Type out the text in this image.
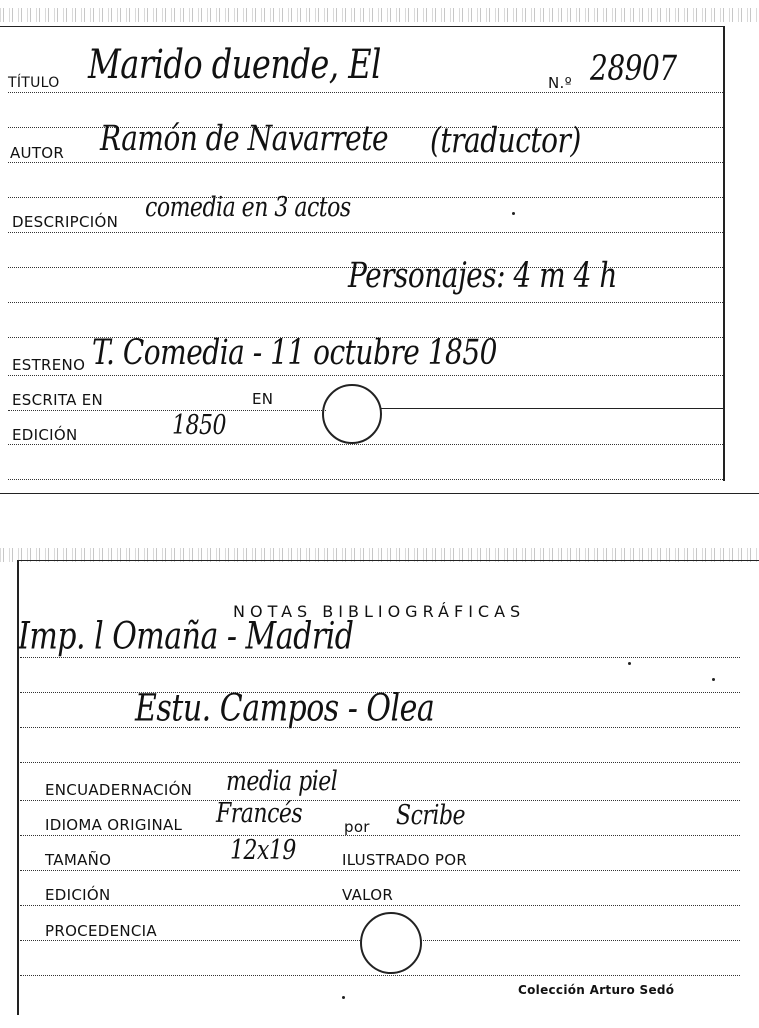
TÍTULO Marido duende, El	N.º 28907
AUTOR Ramón de Navarrete (traductor)
DESCRIPCIÓN comedia en 3 actos
Personajes: 4 m 4 h
ESTRENO T. Comedia - 11 octubre 1850
ESCRITA EN	EN
EDICIÓN	1850
NOTAS BIBLIOGRÁFICAS
Imp. l Omaña - Madrid
Estu. Campos - Olea
ENCUADERNACIÓN media piel
IDIOMA ORIGINAL Francés	por Scribe
TAMAÑO	12x19	ILUSTRADO POR
EDICIÓN	VALOR
PROCEDENCIA
Colección Arturo Sedó
